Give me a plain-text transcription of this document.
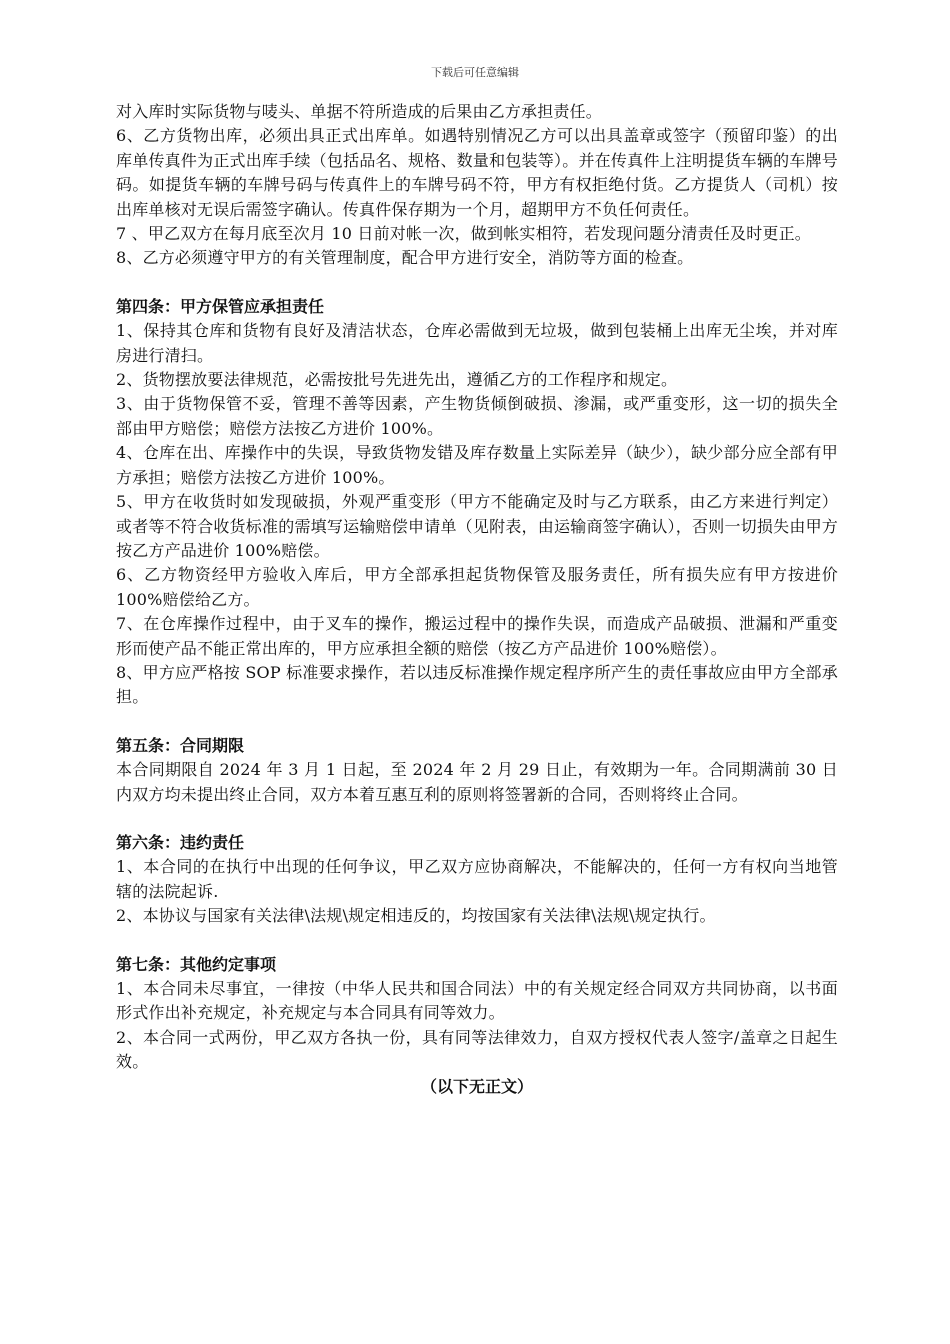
下载后可任意编辑

对入库时实际货物与唛头、单据不符所造成的后果由乙方承担责任。

6、乙方货物出库，必须出具正式出库单。如遇特别情况乙方可以出具盖章或签字（预留印鉴）的出库单传真件为正式出库手续（包括品名、规格、数量和包装等）。并在传真件上注明提货车辆的车牌号码。如提货车辆的车牌号码与传真件上的车牌号码不符，甲方有权拒绝付货。乙方提货人（司机）按出库单核对无误后需签字确认。传真件保存期为一个月，超期甲方不负任何责任。

7 、甲乙双方在每月底至次月 10 日前对帐一次，做到帐实相符，若发现问题分清责任及时更正。

8、乙方必须遵守甲方的有关管理制度，配合甲方进行安全，消防等方面的检查。

第四条：甲方保管应承担责任

1、保持其仓库和货物有良好及清洁状态，仓库必需做到无垃圾，做到包装桶上出库无尘埃，并对库房进行清扫。

2、货物摆放要法律规范，必需按批号先进先出，遵循乙方的工作程序和规定。

3、由于货物保管不妥，管理不善等因素，产生物货倾倒破损、渗漏，或严重变形，这一切的损失全部由甲方赔偿；赔偿方法按乙方进价 100%。

4、仓库在出、库操作中的失误，导致货物发错及库存数量上实际差异（缺少），缺少部分应全部有甲方承担；赔偿方法按乙方进价 100%。

5、甲方在收货时如发现破损，外观严重变形（甲方不能确定及时与乙方联系，由乙方来进行判定）或者等不符合收货标准的需填写运输赔偿申请单（见附表，由运输商签字确认），否则一切损失由甲方按乙方产品进价 100%赔偿。

6、乙方物资经甲方验收入库后，甲方全部承担起货物保管及服务责任，所有损失应有甲方按进价 100%赔偿给乙方。

7、在仓库操作过程中，由于叉车的操作，搬运过程中的操作失误，而造成产品破损、泄漏和严重变形而使产品不能正常出库的，甲方应承担全额的赔偿（按乙方产品进价 100%赔偿）。

8、甲方应严格按 SOP 标准要求操作，若以违反标准操作规定程序所产生的责任事故应由甲方全部承担。

第五条：合同期限

本合同期限自 2024 年 3 月 1 日起，至 2024 年 2 月 29 日止，有效期为一年。合同期满前 30 日内双方均未提出终止合同，双方本着互惠互利的原则将签署新的合同，否则将终止合同。

第六条：违约责任

1、本合同的在执行中出现的任何争议，甲乙双方应协商解决，不能解决的，任何一方有权向当地管辖的法院起诉.

2、本协议与国家有关法律\法规\规定相违反的，均按国家有关法律\法规\规定执行。

第七条：其他约定事项

1、本合同未尽事宜，一律按（中华人民共和国合同法）中的有关规定经合同双方共同协商，以书面形式作出补充规定，补充规定与本合同具有同等效力。

2、本合同一式两份，甲乙双方各执一份，具有同等法律效力，自双方授权代表人签字/盖章之日起生效。

（以下无正文）
